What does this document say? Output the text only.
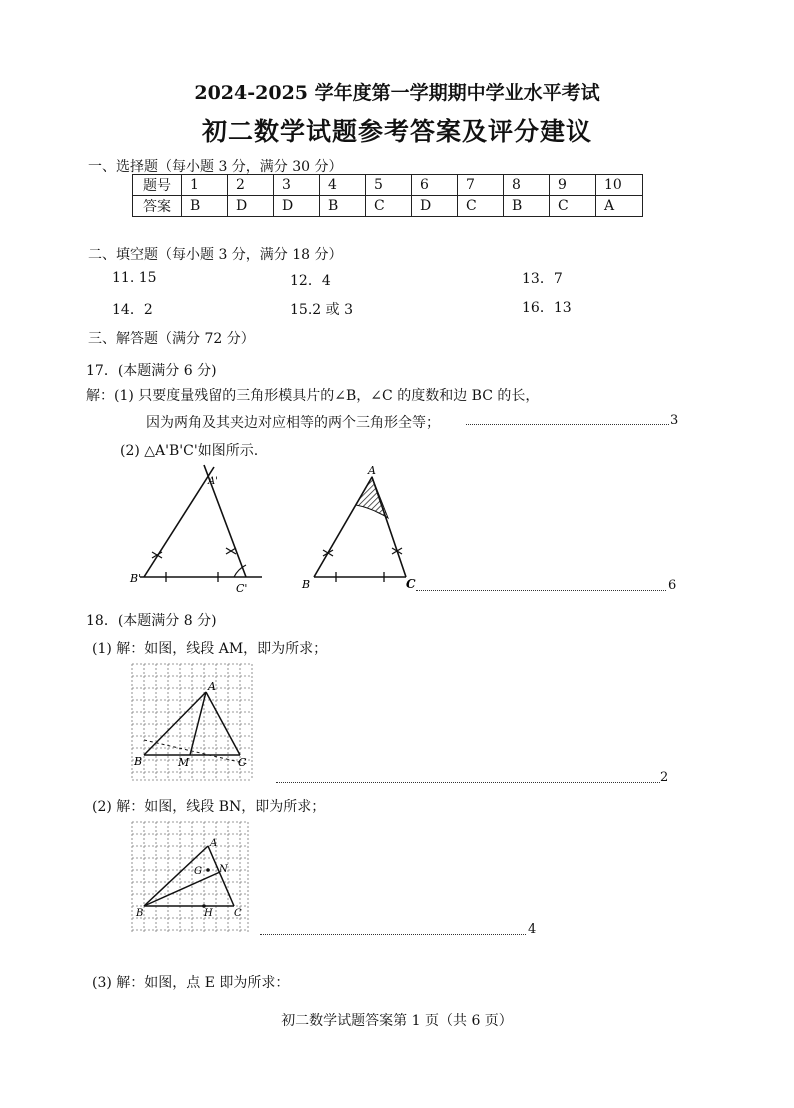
2024-2025 学年度第一学期期中学业水平考试
初二数学试题参考答案及评分建议
一、选择题（每小题 3 分，满分 30 分）
题号	1	2	3	4	5	6	7	8	9	10
答案	B	D	D	B	C	D	C	B	C	A
二、填空题（每小题 3 分，满分 18 分）
11. 15	12．4	13．7
14．2	15.2 或 3	16．13
三、解答题（满分 72 分）
17．(本题满分 6 分)
解：(1) 只要度量残留的三角形模具片的∠B，∠C 的度数和边 BC 的长，
因为两角及其夹边对应相等的两个三角形全等；	3
(2) △A'B'C'如图所示.
A'
B'
C'
A
B	C	6
18．(本题满分 8 分)
(1) 解：如图，线段 AM，即为所求；
A
B	M	C
2
(2) 解：如图，线段 BN，即为所求；
A
G N
B	H C
4
(3) 解：如图，点 E 即为所求：
初二数学试题答案第 1 页（共 6 页）
